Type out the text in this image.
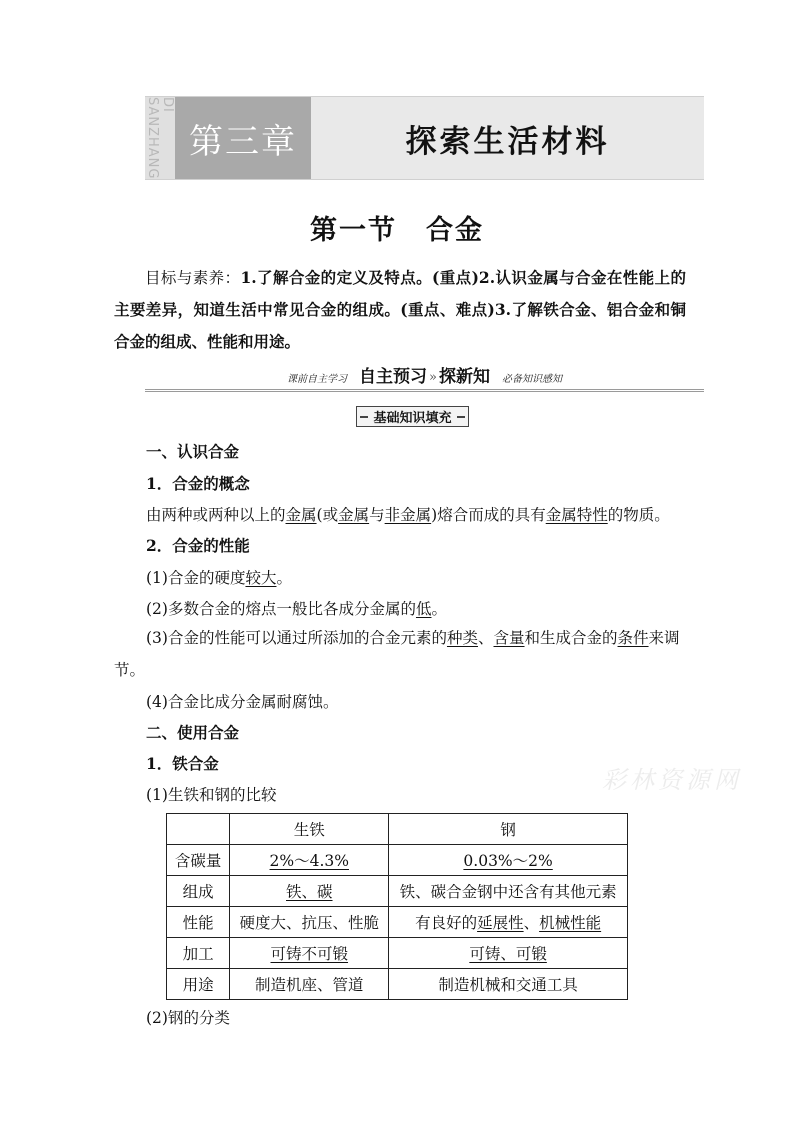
DI SANZHANG 第三章	探索生活材料
第一节　合金
目标与素养：1.了解合金的定义及特点。(重点)2.认识金属与合金在性能上的主要差异，知道生活中常见合金的组成。(重点、难点)3.了解铁合金、铝合金和铜合金的组成、性能和用途。
课前自主学习 自主预习 » 探新知 必备知识感知
基础知识填充
一、认识合金
1．合金的概念
由两种或两种以上的金属(或金属与非金属)熔合而成的具有金属特性的物质。
2．合金的性能
(1)合金的硬度较大。
(2)多数合金的熔点一般比各成分金属的低。
(3)合金的性能可以通过所添加的合金元素的种类、含量和生成合金的条件来调节。
(4)合金比成分金属耐腐蚀。
二、使用合金
1．铁合金
(1)生铁和钢的比较
彩林资源网
	生铁	钢
含碳量	2%～4.3%	0.03%～2%
组成	铁、碳	铁、碳合金钢中还含有其他元素
性能	硬度大、抗压、性脆	有良好的延展性、机械性能
加工	可铸不可锻	可铸、可锻
用途	制造机座、管道	制造机械和交通工具
(2)钢的分类
